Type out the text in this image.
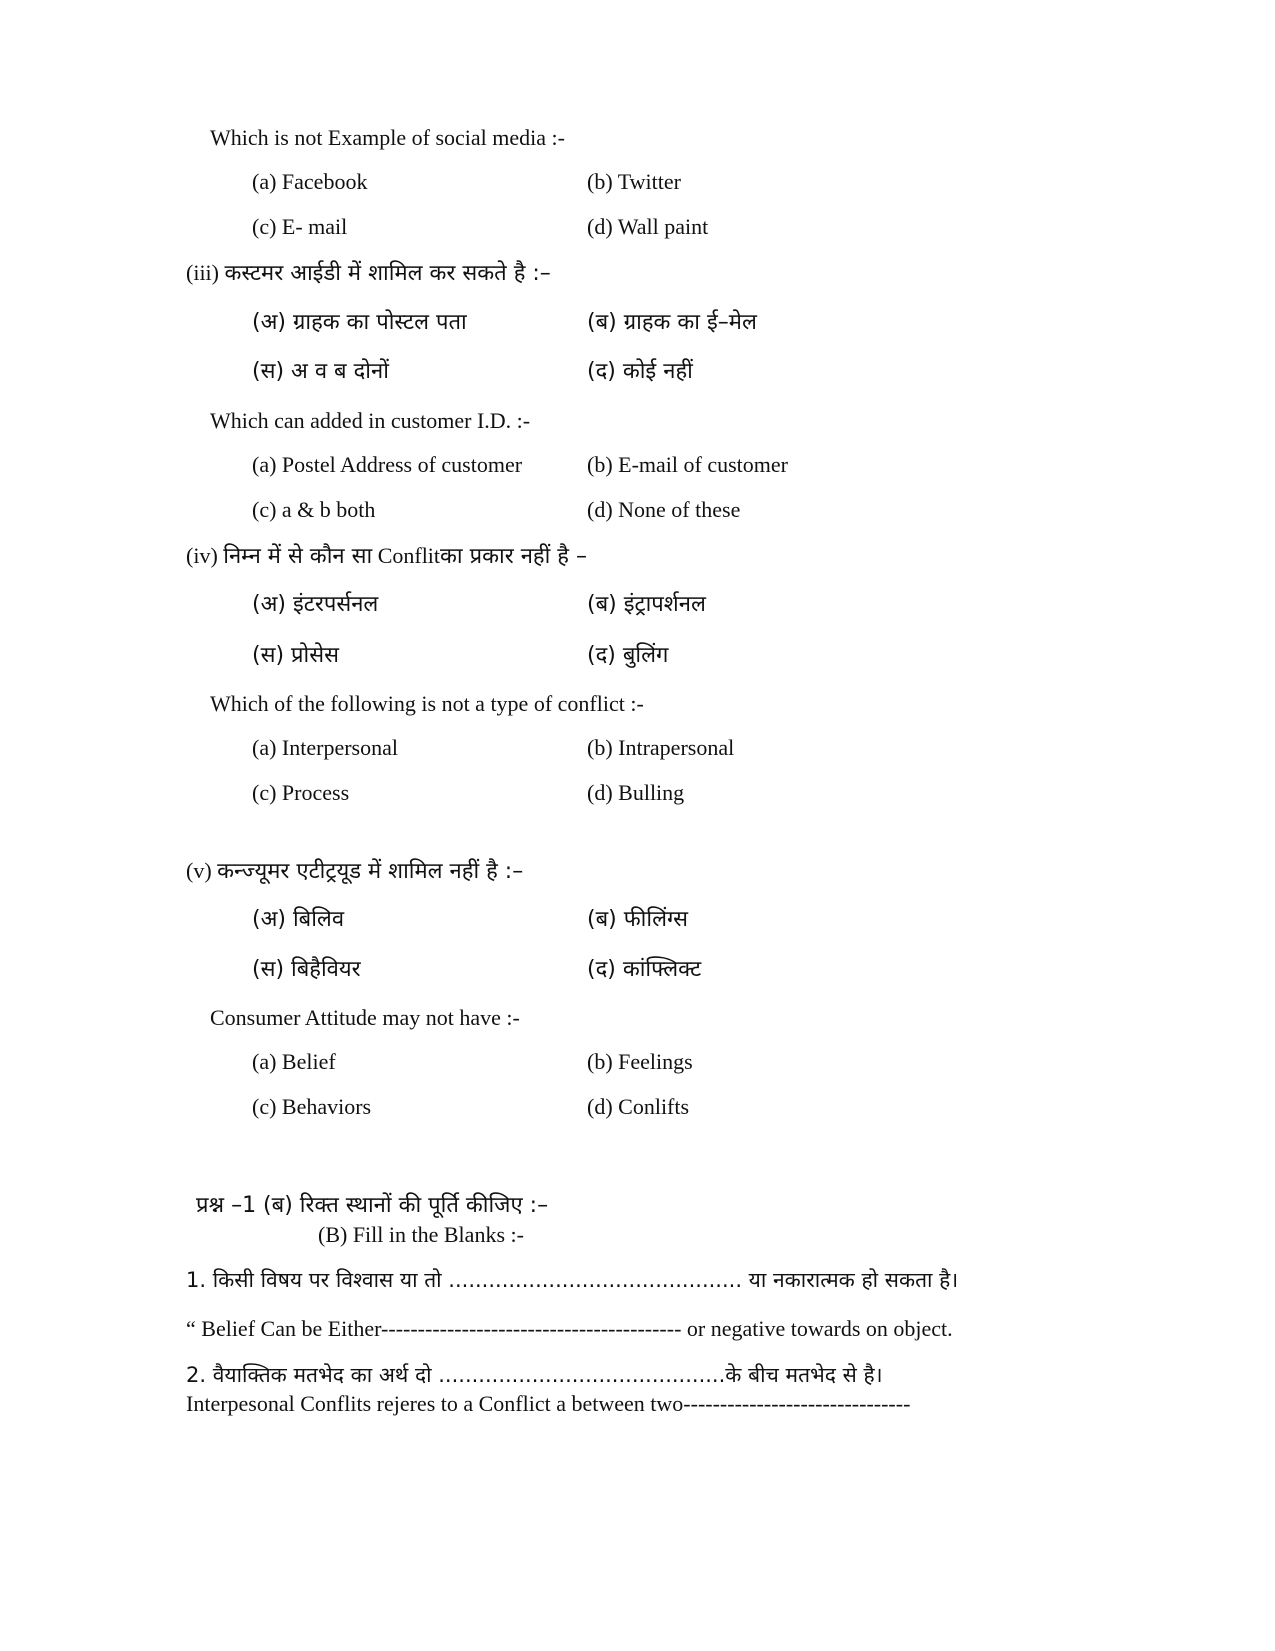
Which is not Example of social media :-
(a) Facebook	(b) Twitter
(c) E- mail	(d) Wall paint
(iii) कस्टमर आईडी में शामिल कर सकते है :–
(अ) ग्राहक का पोस्टल पता	(ब) ग्राहक का ई–मेल
(स) अ व ब दोनों	(द) कोई नहीं
Which can added in customer I.D. :-
(a) Postel Address of customer	(b) E-mail of customer
(c) a & b both	(d) None of these
(iv) निम्न में से कौन सा Conflitका प्रकार नहीं है –
(अ) इंटरपर्सनल	(ब) इंट्रापर्शनल
(स) प्रोसेस	(द) बुलिंग
Which of the following is not a type of conflict :-
(a) Interpersonal	(b) Intrapersonal
(c) Process	(d) Bulling
(v) कन्ज्यूमर एटीट्रयूड में शामिल नहीं है :–
(अ) बिलिव	(ब) फीलिंग्स
(स) बिहैवियर	(द) कांफ्लिक्ट
Consumer Attitude may not have :-
(a) Belief	(b) Feelings
(c) Behaviors	(d) Conlifts
प्रश्न –1 (ब) रिक्त स्थानों की पूर्ति कीजिए :–
(B) Fill in the Blanks :-
1. किसी विषय पर विश्वास या तो ............................................ या नकारात्मक हो सकता है।
“ Belief Can be Either----------------------------------------- or negative towards on object.
2. वैयाक्तिक मतभेद का अर्थ दो ...........................................के बीच मतभेद से है।
Interpesonal Conflits rejeres to a Conflict a between two-------------------------------
